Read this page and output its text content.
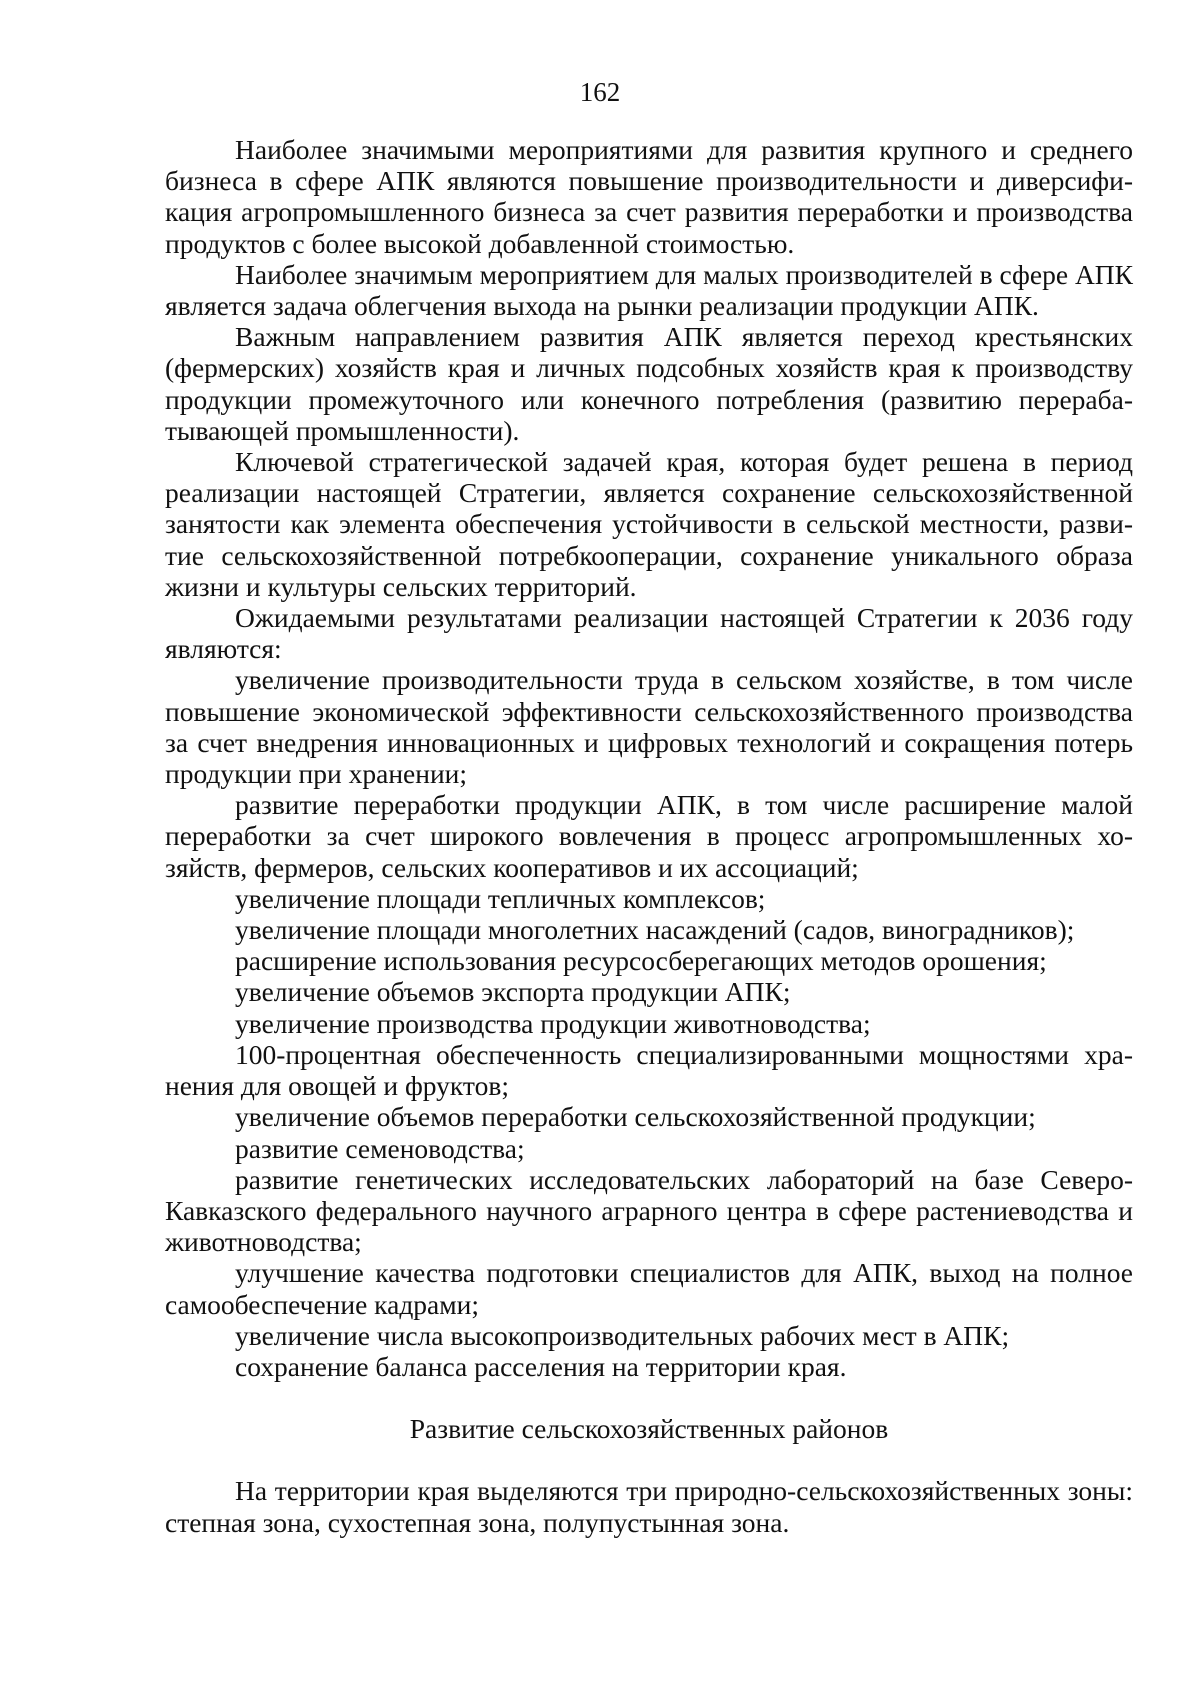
162

Наиболее значимыми мероприятиями для развития крупного и среднего бизнеса в сфере АПК являются повышение производительности и диверсификация агропромышленного бизнеса за счет развития переработки и производства продуктов с более высокой добавленной стоимостью.

Наиболее значимым мероприятием для малых производителей в сфере АПК является задача облегчения выхода на рынки реализации продукции АПК.

Важным направлением развития АПК является переход крестьянских (фермерских) хозяйств края и личных подсобных хозяйств края к производству продукции промежуточного или конечного потребления (развитию перерабатывающей промышленности).

Ключевой стратегической задачей края, которая будет решена в период реализации настоящей Стратегии, является сохранение сельскохозяйственной занятости как элемента обеспечения устойчивости в сельской местности, развитие сельскохозяйственной потребкооперации, сохранение уникального образа жизни и культуры сельских территорий.

Ожидаемыми результатами реализации настоящей Стратегии к 2036 году являются:

увеличение производительности труда в сельском хозяйстве, в том числе повышение экономической эффективности сельскохозяйственного производства за счет внедрения инновационных и цифровых технологий и сокращения потерь продукции при хранении;

развитие переработки продукции АПК, в том числе расширение малой переработки за счет широкого вовлечения в процесс агропромышленных хозяйств, фермеров, сельских кооперативов и их ассоциаций;

увеличение площади тепличных комплексов;

увеличение площади многолетних насаждений (садов, виноградников);

расширение использования ресурсосберегающих методов орошения;

увеличение объемов экспорта продукции АПК;

увеличение производства продукции животноводства;

100-процентная обеспеченность специализированными мощностями хранения для овощей и фруктов;

увеличение объемов переработки сельскохозяйственной продукции;

развитие семеноводства;

развитие генетических исследовательских лабораторий на базе Северо-Кавказского федерального научного аграрного центра в сфере растениеводства и животноводства;

улучшение качества подготовки специалистов для АПК, выход на полное самообеспечение кадрами;

увеличение числа высокопроизводительных рабочих мест в АПК;

сохранение баланса расселения на территории края.

Развитие сельскохозяйственных районов

На территории края выделяются три природно-сельскохозяйственных зоны: степная зона, сухостепная зона, полупустынная зона.
